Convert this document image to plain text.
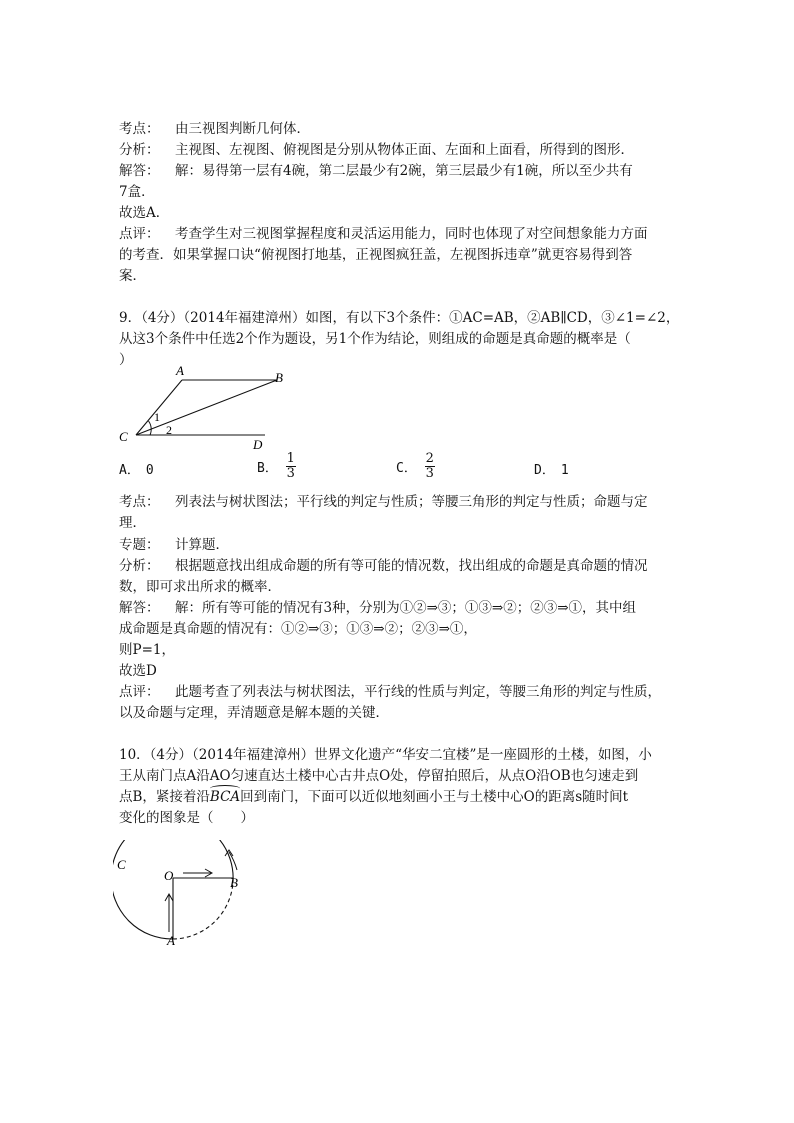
考点： 由三视图判断几何体．
分析： 主视图、左视图、俯视图是分别从物体正面、左面和上面看，所得到的图形．
解答： 解：易得第一层有4碗，第二层最少有2碗，第三层最少有1碗，所以至少共有
7盒．
故选A．
点评： 考查学生对三视图掌握程度和灵活运用能力，同时也体现了对空间想象能力方面
的考查．如果掌握口诀“俯视图打地基，正视图疯狂盖，左视图拆违章”就更容易得到答
案．
9．（4分）（2014年福建漳州）如图，有以下3个条件：①AC=AB，②AB∥CD，③∠1=∠2，
从这3个条件中任选2个作为题设，另1个作为结论，则组成的命题是真命题的概率是（
）
A	B
C
D
1
2
A． 0	B． $\frac{1}{3}$	C． $\frac{2}{3}$	D． 1
考点： 列表法与树状图法；平行线的判定与性质；等腰三角形的判定与性质；命题与定
理．
专题： 计算题．
分析： 根据题意找出组成命题的所有等可能的情况数，找出组成的命题是真命题的情况
数，即可求出所求的概率．
解答： 解：所有等可能的情况有3种，分别为①②⇒③；①③⇒②；②③⇒①，其中组
成命题是真命题的情况有：①②⇒③；①③⇒②；②③⇒①，
则P=1，
故选D
点评： 此题考查了列表法与树状图法，平行线的性质与判定，等腰三角形的判定与性质，
以及命题与定理，弄清题意是解本题的关键．
10．（4分）（2014年福建漳州）世界文化遗产“华安二宜楼”是一座圆形的土楼，如图，小
王从南门点A沿AO匀速直达土楼中心古井点O处，停留拍照后，从点O沿OB也匀速走到
点B，紧接着沿BCA回到南门，下面可以近似地刻画小王与土楼中心O的距离s随时间t
变化的图象是（　　）
C
O	B
A
